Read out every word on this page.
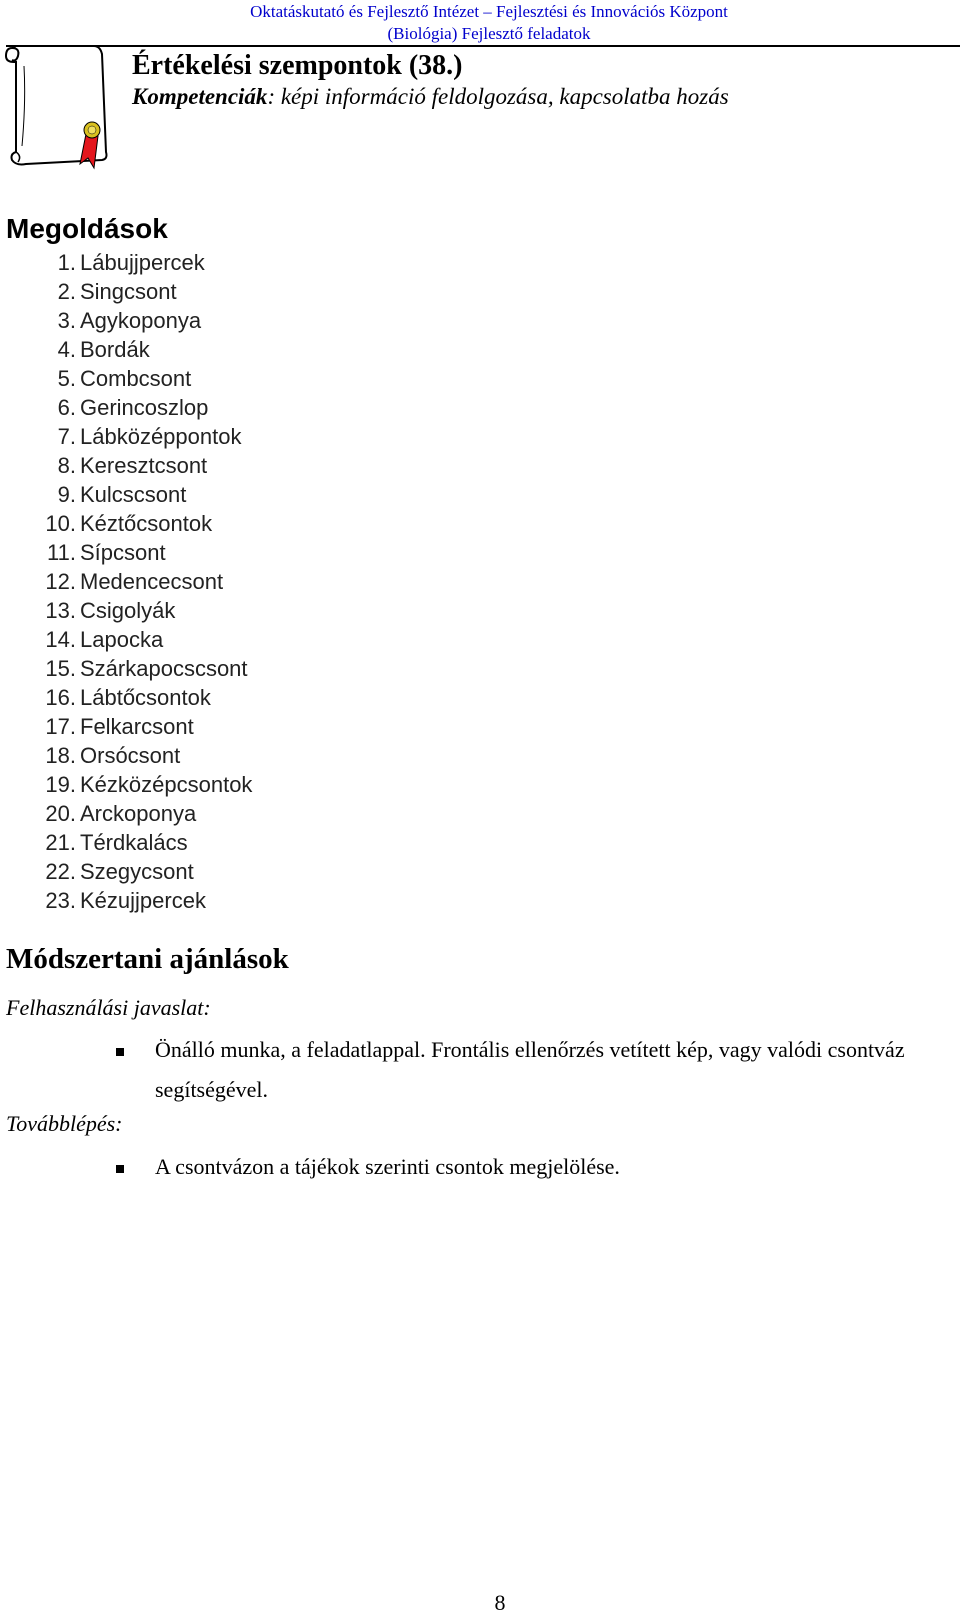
Oktatáskutató és Fejlesztő Intézet – Fejlesztési és Innovációs Központ
(Biológia) Fejlesztő feladatok
Értékelési szempontok (38.)
Kompetenciák: képi információ feldolgozása, kapcsolatba hozás
Megoldások
1. Lábujjpercek
2. Singcsont
3. Agykoponya
4. Bordák
5. Combcsont
6. Gerincoszlop
7. Lábközéppontok
8. Keresztcsont
9. Kulcscsont
10. Kéztőcsontok
11. Sípcsont
12. Medencecsont
13. Csigolyák
14. Lapocka
15. Szárkapocscsont
16. Lábtőcsontok
17. Felkarcsont
18. Orsócsont
19. Kézközépcsontok
20. Arckoponya
21. Térdkalács
22. Szegycsont
23. Kézujjpercek
Módszertani ajánlások
Felhasználási javaslat:
Önálló munka, a feladatlappal. Frontális ellenőrzés vetített kép, vagy valódi csontváz segítségével.
Továbblépés:
A csontvázon a tájékok szerinti csontok megjelölése.
8
